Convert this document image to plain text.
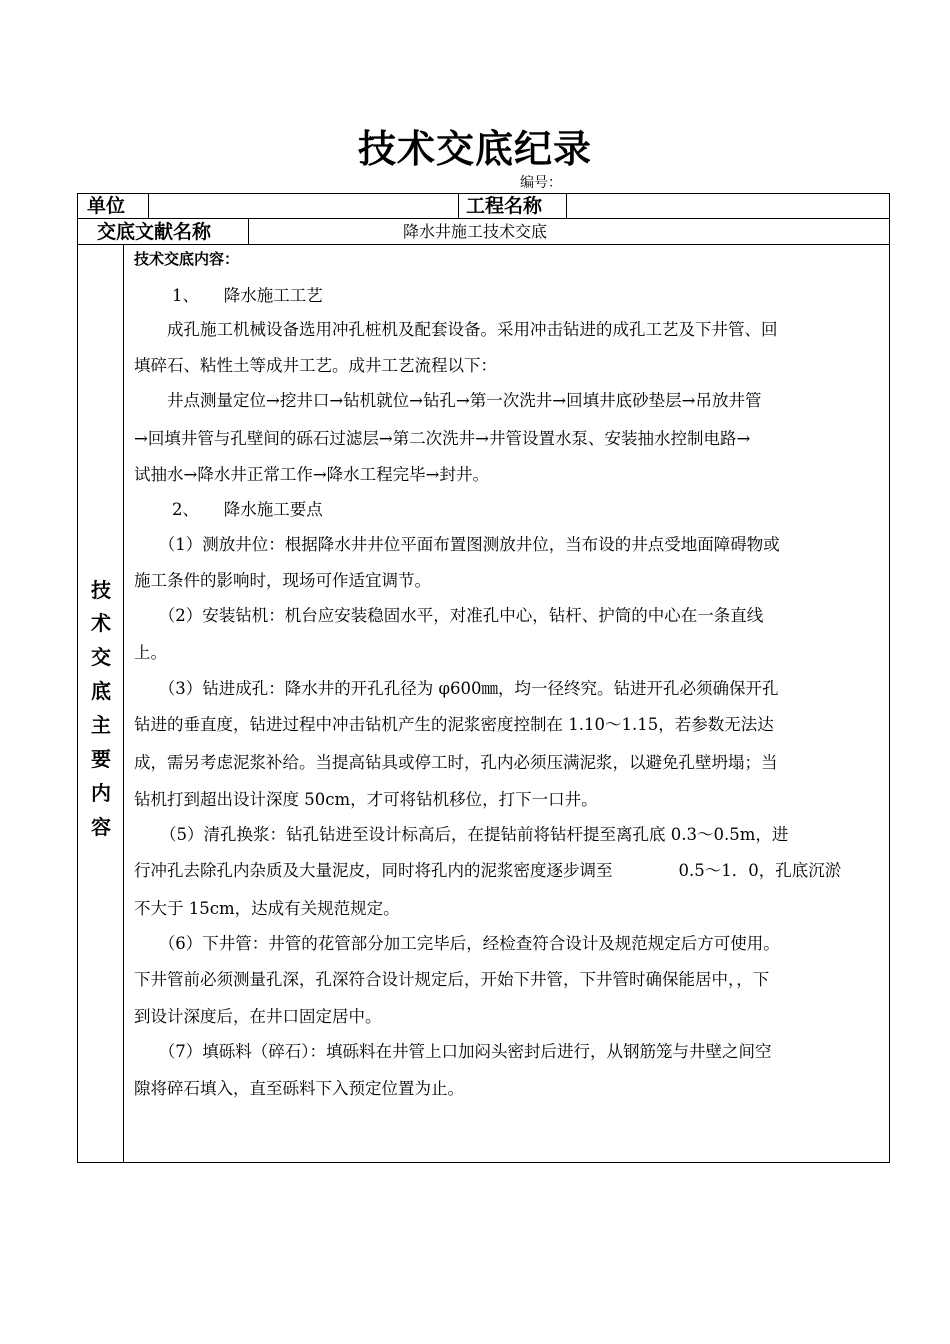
技术交底纪录
编号：
单位	工程名称
交底文献名称	降水井施工技术交底
技
术
交
底
主
要
内
容
技术交底内容：
1、　　降水施工工艺
　　成孔施工机械设备选用冲孔桩机及配套设备。采用冲击钻进的成孔工艺及下井管、回
填碎石、粘性土等成井工艺。成井工艺流程以下：
　　井点测量定位→挖井口→钻机就位→钻孔→第一次洗井→回填井底砂垫层→吊放井管
→回填井管与孔壁间的砾石过滤层→第二次洗井→井管设置水泵、安装抽水控制电路→
试抽水→降水井正常工作→降水工程完毕→封井。
2、　　降水施工要点
　　（1）测放井位：根据降水井井位平面布置图测放井位，当布设的井点受地面障碍物或
施工条件的影响时，现场可作适宜调节。
　　（2）安装钻机：机台应安装稳固水平，对准孔中心，钻杆、护筒的中心在一条直线
上。
　　（3）钻进成孔：降水井的开孔孔径为 φ600㎜，均一径终究。钻进开孔必须确保开孔
钻进的垂直度，钻进过程中冲击钻机产生的泥浆密度控制在 1.10～1.15，若参数无法达
成，需另考虑泥浆补给。当提高钻具或停工时，孔内必须压满泥浆，以避免孔壁坍塌；当
钻机打到超出设计深度 50cm，才可将钻机移位，打下一口井。
（5）清孔换浆：钻孔钻进至设计标高后，在提钻前将钻杆提至离孔底 0.3～0.5m，进
行冲孔去除孔内杂质及大量泥皮，同时将孔内的泥浆密度逐步调至　　　　0.5～1．0，孔底沉淤
不大于 15cm，达成有关规范规定。
　　（6）下井管：井管的花管部分加工完毕后，经检查符合设计及规范规定后方可使用。
下井管前必须测量孔深，孔深符合设计规定后，开始下井管，下井管时确保能居中，，下
到设计深度后，在井口固定居中。
　　（7）填砾料（碎石）：填砾料在井管上口加闷头密封后进行，从钢筋笼与井壁之间空
隙将碎石填入，直至砾料下入预定位置为止。
